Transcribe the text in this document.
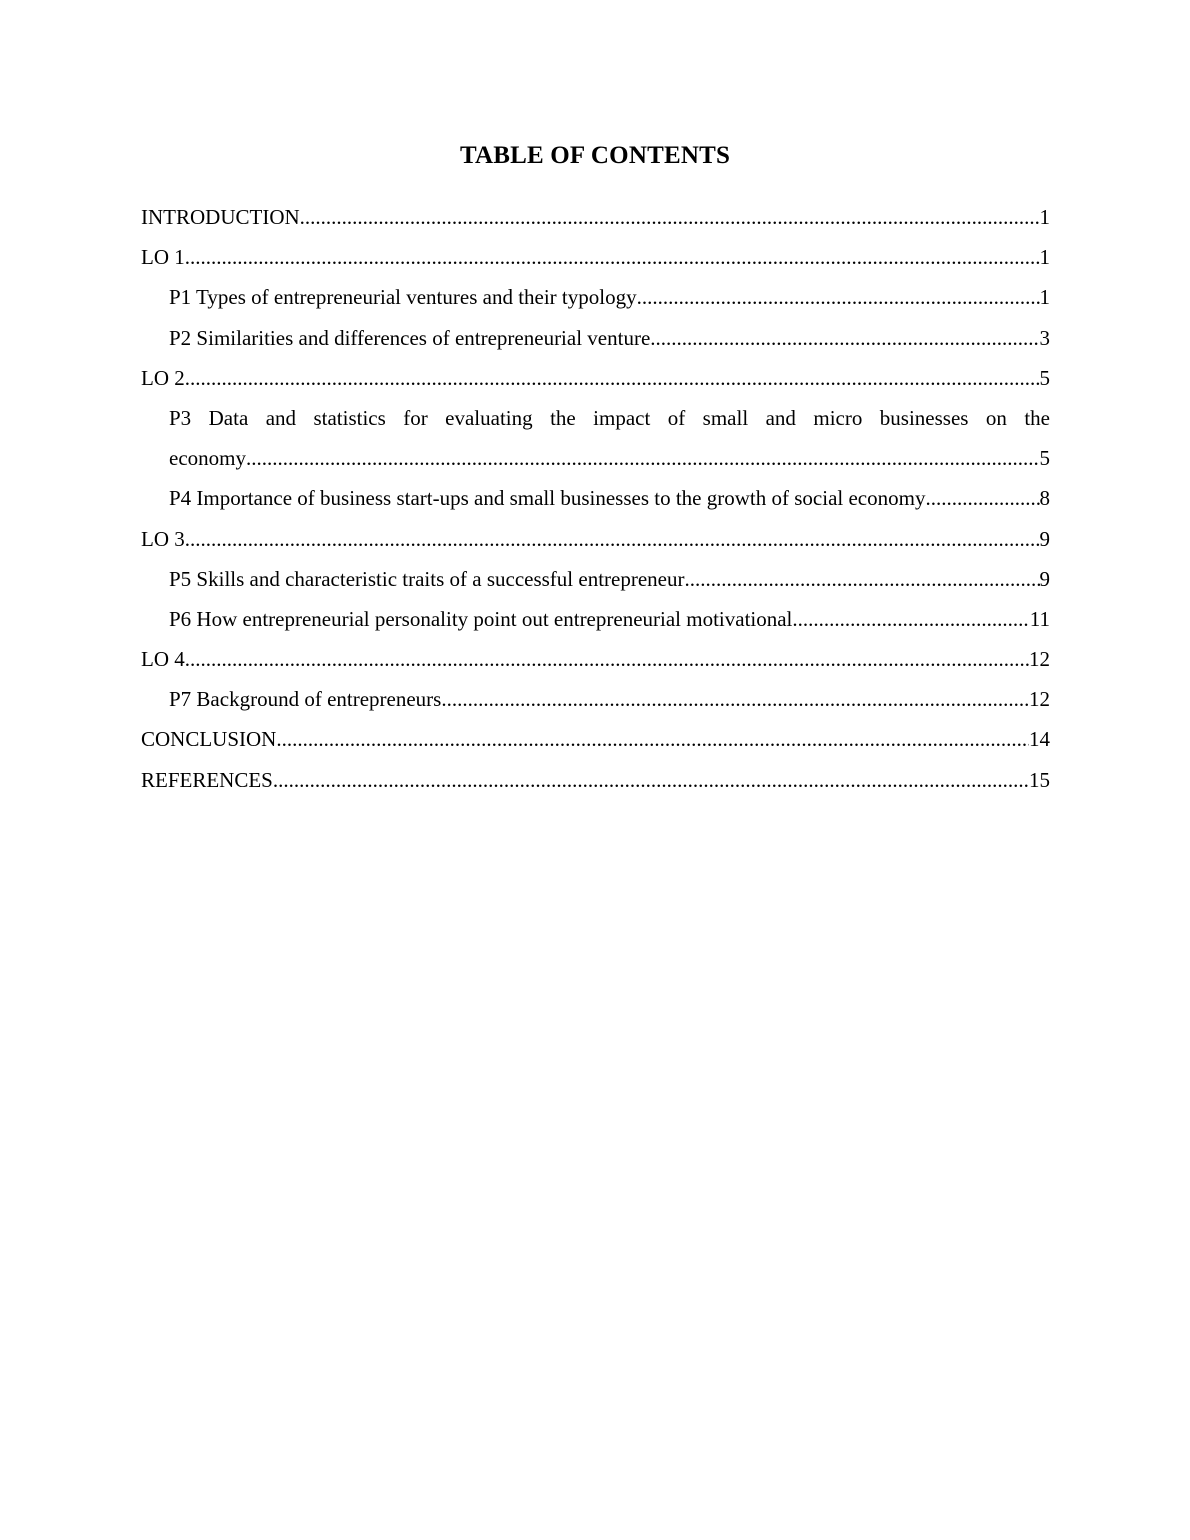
TABLE OF CONTENTS
INTRODUCTION .....	1
LO 1 .....	1
P1 Types of entrepreneurial ventures and their typology .....	1
P2 Similarities and differences of entrepreneurial venture .....	3
LO 2 .....	5
P3 Data and statistics for evaluating the impact of small and micro businesses on the
economy .....	5
P4 Importance of business start-ups and small businesses to the growth of social economy .....	8
LO 3 .....	9
P5 Skills and characteristic traits of a successful entrepreneur .....	9
P6 How entrepreneurial personality point out entrepreneurial motivational .....	11
LO 4 .....	12
P7 Background of entrepreneurs .....	12
CONCLUSION .....	14
REFERENCES .....	15
